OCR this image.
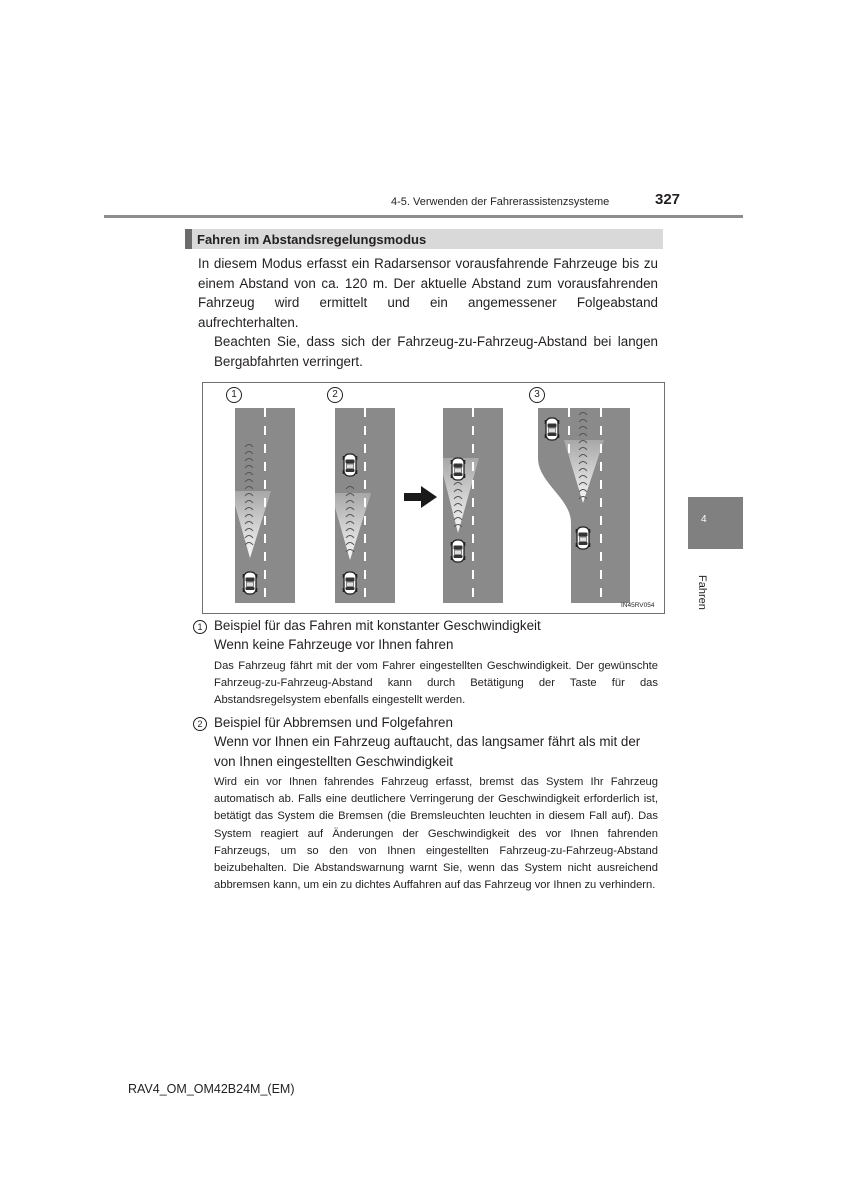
4-5. Verwenden der Fahrerassistenzsysteme	327
4
Fahren
Fahren im Abstandsregelungsmodus
In diesem Modus erfasst ein Radarsensor vorausfahrende Fahrzeuge bis zu einem Abstand von ca. 120 m. Der aktuelle Abstand zum vorausfahrenden Fahrzeug wird ermittelt und ein angemessener Folgeabstand aufrechterhalten.
Beachten Sie, dass sich der Fahrzeug-zu-Fahrzeug-Abstand bei langen Bergabfahrten verringert.
1	2	3
IN45RV054
1 Beispiel für das Fahren mit konstanter Geschwindigkeit
Wenn keine Fahrzeuge vor Ihnen fahren
Das Fahrzeug fährt mit der vom Fahrer eingestellten Geschwindigkeit. Der gewünschte Fahrzeug-zu-Fahrzeug-Abstand kann durch Betätigung der Taste für das Abstandsregelsystem ebenfalls eingestellt werden.
2 Beispiel für Abbremsen und Folgefahren
Wenn vor Ihnen ein Fahrzeug auftaucht, das langsamer fährt als mit der von Ihnen eingestellten Geschwindigkeit
Wird ein vor Ihnen fahrendes Fahrzeug erfasst, bremst das System Ihr Fahrzeug automatisch ab. Falls eine deutlichere Verringerung der Geschwindigkeit erforderlich ist, betätigt das System die Bremsen (die Bremsleuchten leuchten in diesem Fall auf). Das System reagiert auf Änderungen der Geschwindigkeit des vor Ihnen fahrenden Fahrzeugs, um so den von Ihnen eingestellten Fahrzeug-zu-Fahrzeug-Abstand beizubehalten. Die Abstandswarnung warnt Sie, wenn das System nicht ausreichend abbremsen kann, um ein zu dichtes Auffahren auf das Fahrzeug vor Ihnen zu verhindern.
RAV4_OM_OM42B24M_(EM)
